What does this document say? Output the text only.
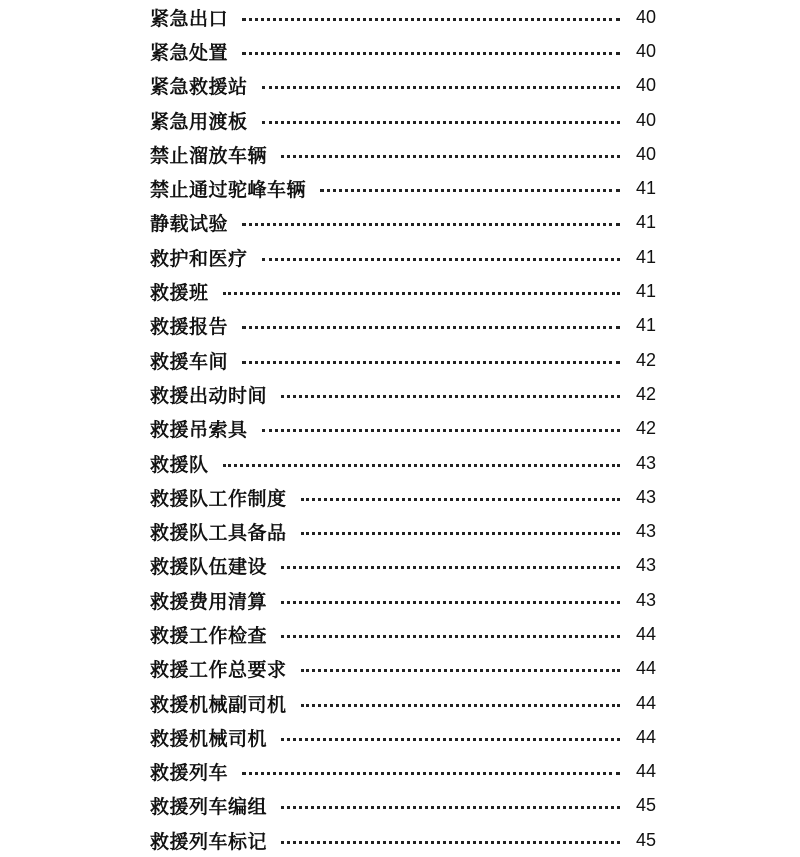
紧急出口	40
紧急处置	40
紧急救援站	40
紧急用渡板	40
禁止溜放车辆	40
禁止通过驼峰车辆	41
静载试验	41
救护和医疗	41
救援班	41
救援报告	41
救援车间	42
救援出动时间	42
救援吊索具	42
救援队	43
救援队工作制度	43
救援队工具备品	43
救援队伍建设	43
救援费用清算	43
救援工作检查	44
救援工作总要求	44
救援机械副司机	44
救援机械司机	44
救援列车	44
救援列车编组	45
救援列车标记	45
